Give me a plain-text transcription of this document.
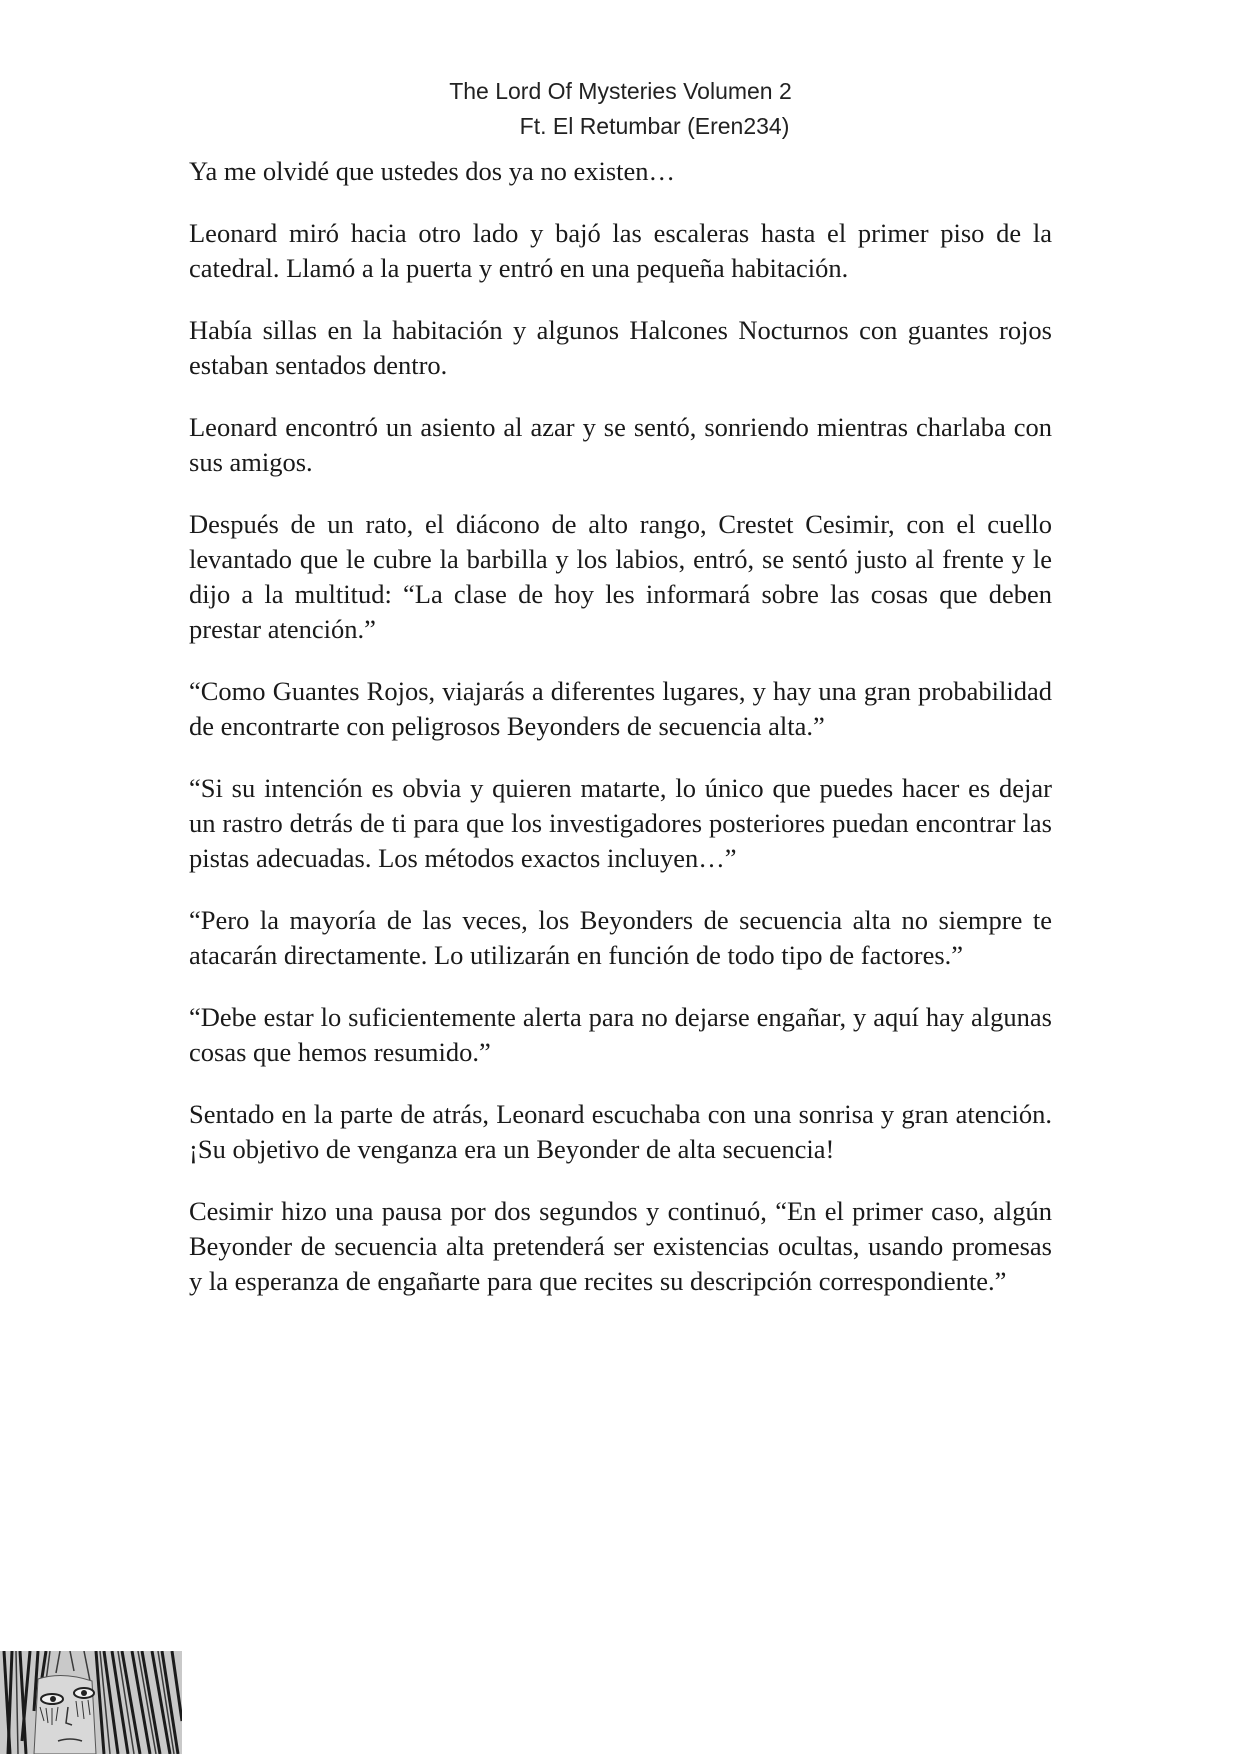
The Lord Of Mysteries Volumen 2
Ft. El Retumbar (Eren234)

Ya me olvidé que ustedes dos ya no existen…

Leonard miró hacia otro lado y bajó las escaleras hasta el primer piso de la catedral. Llamó a la puerta y entró en una pequeña habitación.

Había sillas en la habitación y algunos Halcones Nocturnos con guantes rojos estaban sentados dentro.

Leonard encontró un asiento al azar y se sentó, sonriendo mientras charlaba con sus amigos.

Después de un rato, el diácono de alto rango, Crestet Cesimir, con el cuello levantado que le cubre la barbilla y los labios, entró, se sentó justo al frente y le dijo a la multitud: “La clase de hoy les informará sobre las cosas que deben prestar atención.”

“Como Guantes Rojos, viajarás a diferentes lugares, y hay una gran probabilidad de encontrarte con peligrosos Beyonders de secuencia alta.”

“Si su intención es obvia y quieren matarte, lo único que puedes hacer es dejar un rastro detrás de ti para que los investigadores posteriores puedan encontrar las pistas adecuadas. Los métodos exactos incluyen…”

“Pero la mayoría de las veces, los Beyonders de secuencia alta no siempre te atacarán directamente. Lo utilizarán en función de todo tipo de factores.”

“Debe estar lo suficientemente alerta para no dejarse engañar, y aquí hay algunas cosas que hemos resumido.”

Sentado en la parte de atrás, Leonard escuchaba con una sonrisa y gran atención. ¡Su objetivo de venganza era un Beyonder de alta secuencia!

Cesimir hizo una pausa por dos segundos y continuó, “En el primer caso, algún Beyonder de secuencia alta pretenderá ser existencias ocultas, usando promesas y la esperanza de engañarte para que recites su descripción correspondiente.”
